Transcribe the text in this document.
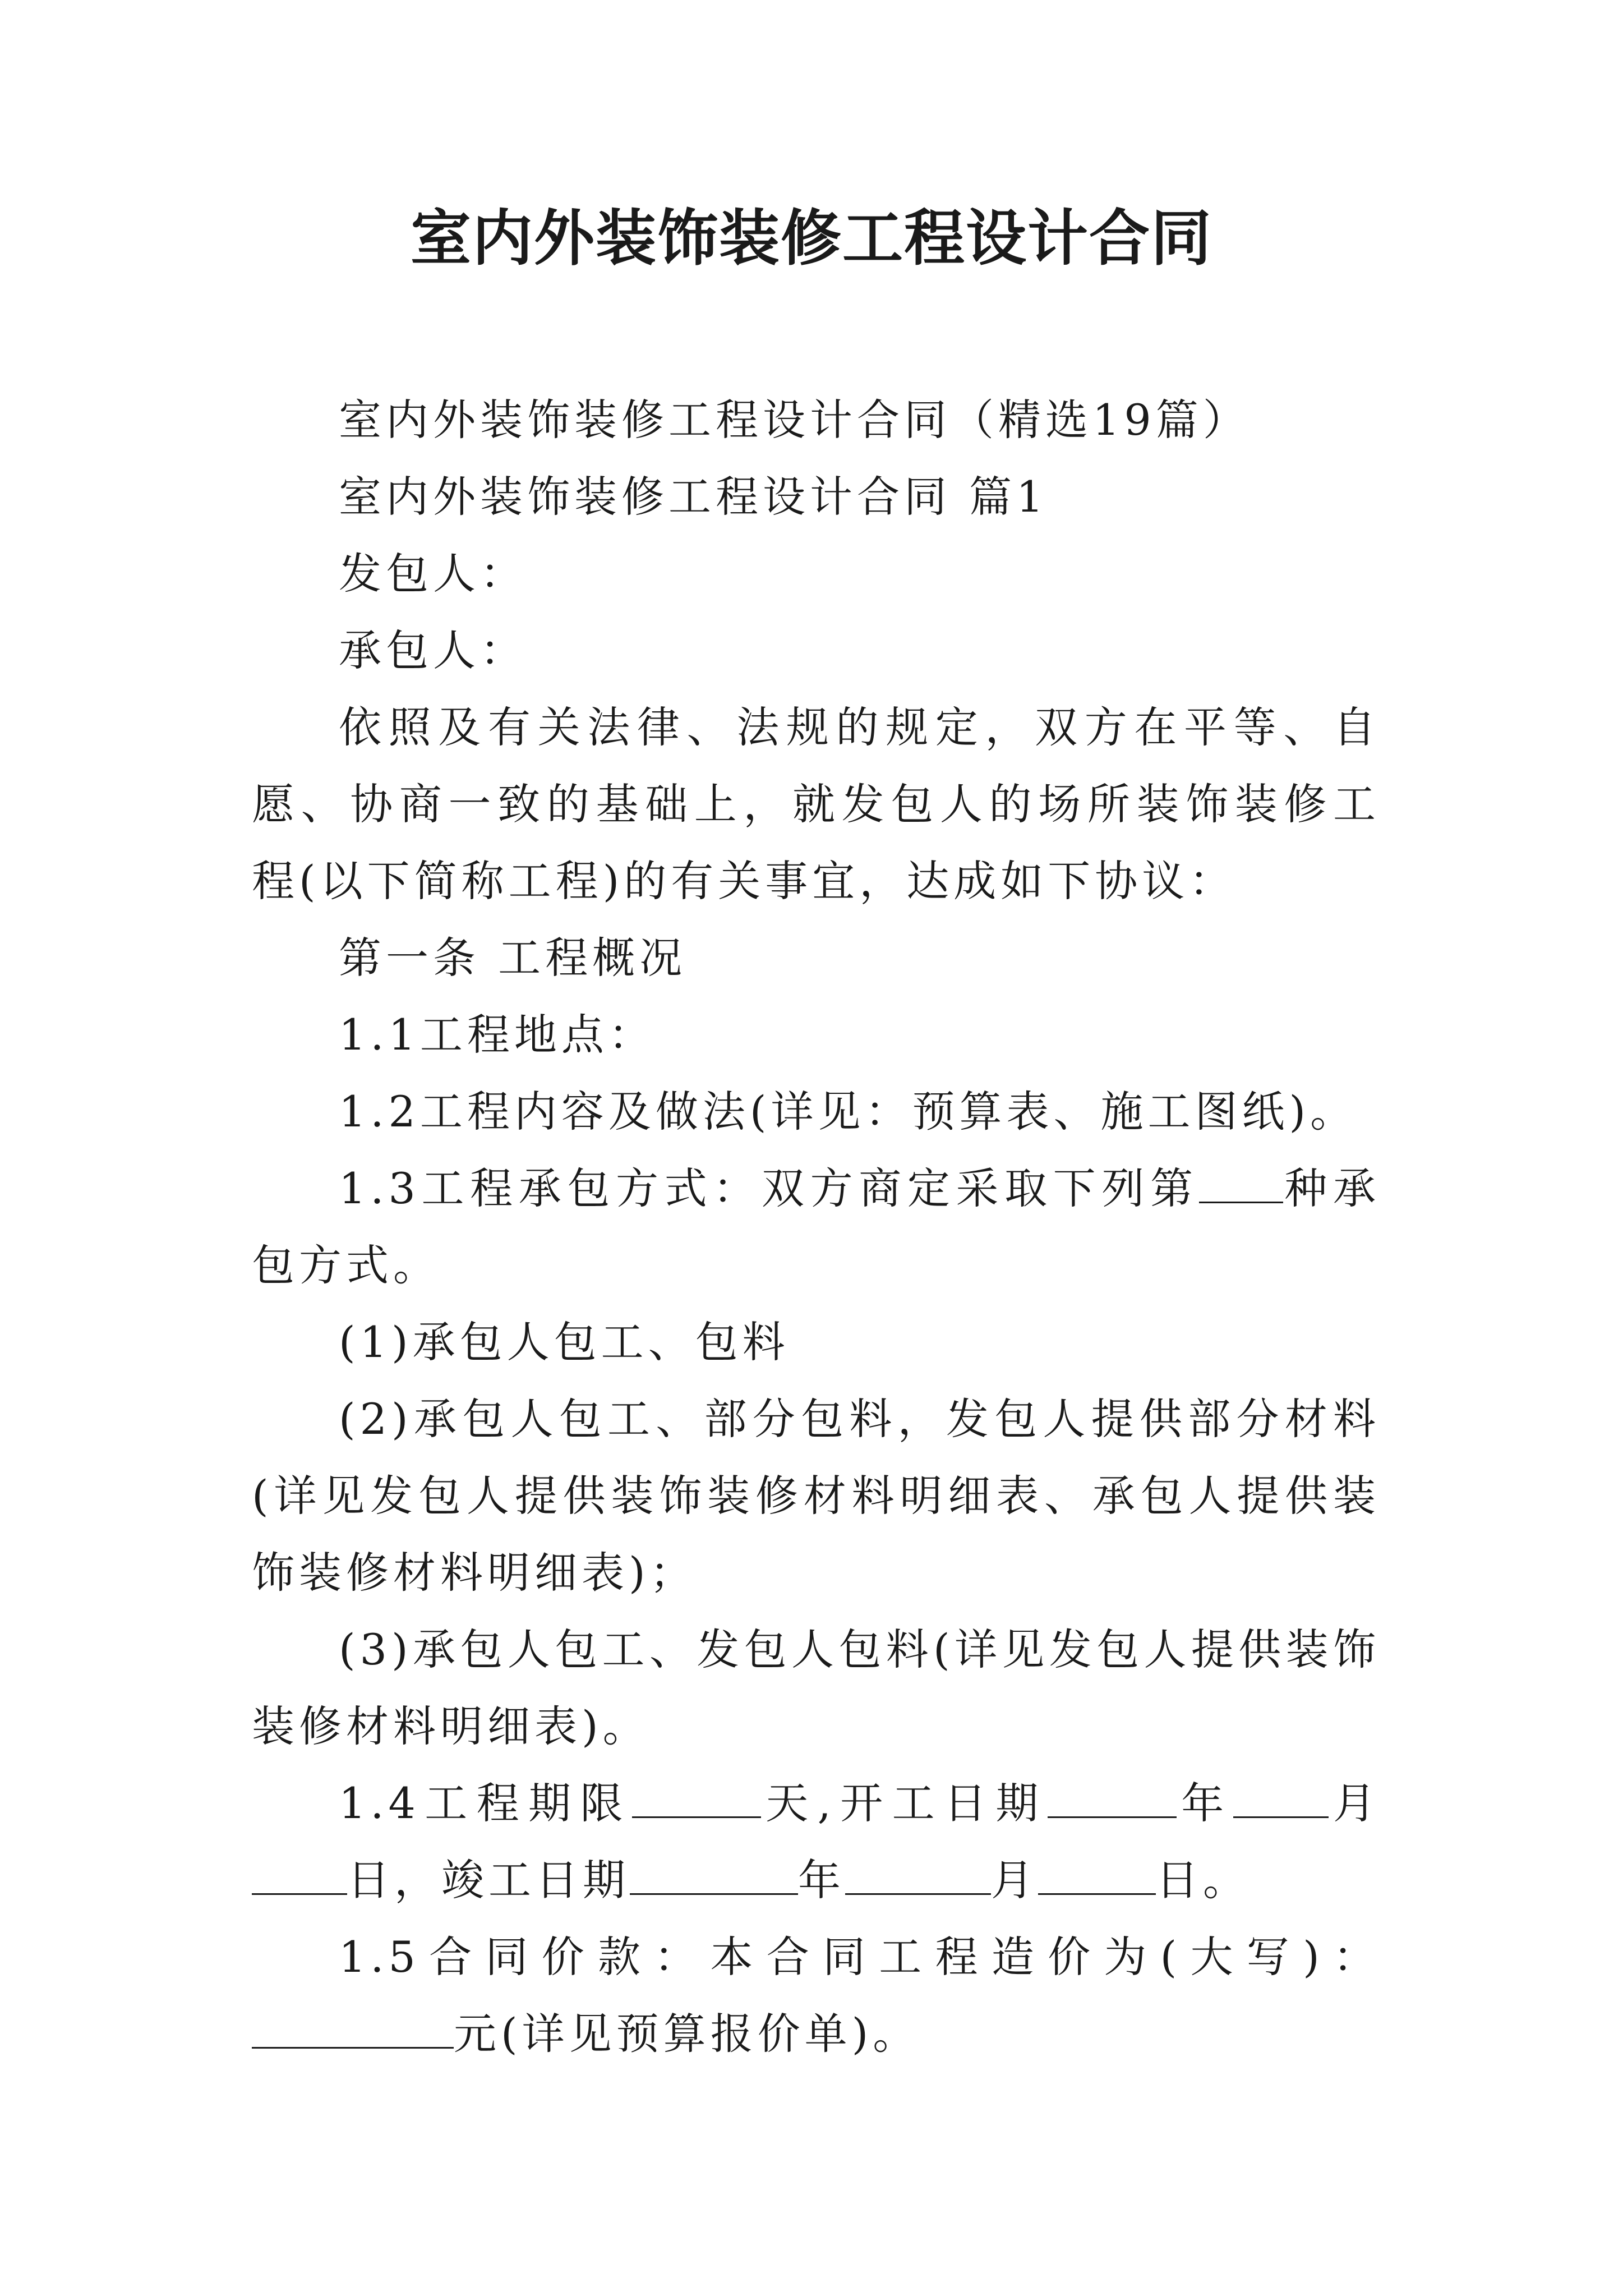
室内外装饰装修工程设计合同

室内外装饰装修工程设计合同（精选19篇）

室内外装饰装修工程设计合同 篇1

发包人：

承包人：

依照及有关法律、法规的规定，双方在平等、自愿、协商一致的基础上，就发包人的场所装饰装修工程(以下简称工程)的有关事宜，达成如下协议：

第一条 工程概况

1.1工程地点：

1.2工程内容及做法(详见：预算表、施工图纸)。

1.3工程承包方式：双方商定采取下列第 种承包方式。

(1)承包人包工、包料

(2)承包人包工、部分包料，发包人提供部分材料(详见发包人提供装饰装修材料明细表、承包人提供装饰装修材料明细表)；

(3)承包人包工、发包人包料(详见发包人提供装饰装修材料明细表)。

1.4工程期限	天,开工日期	年 月日，竣工日期	年	月	日。

1.5合同价款：本合同工程造价为(大写)：元(详见预算报价单)。
